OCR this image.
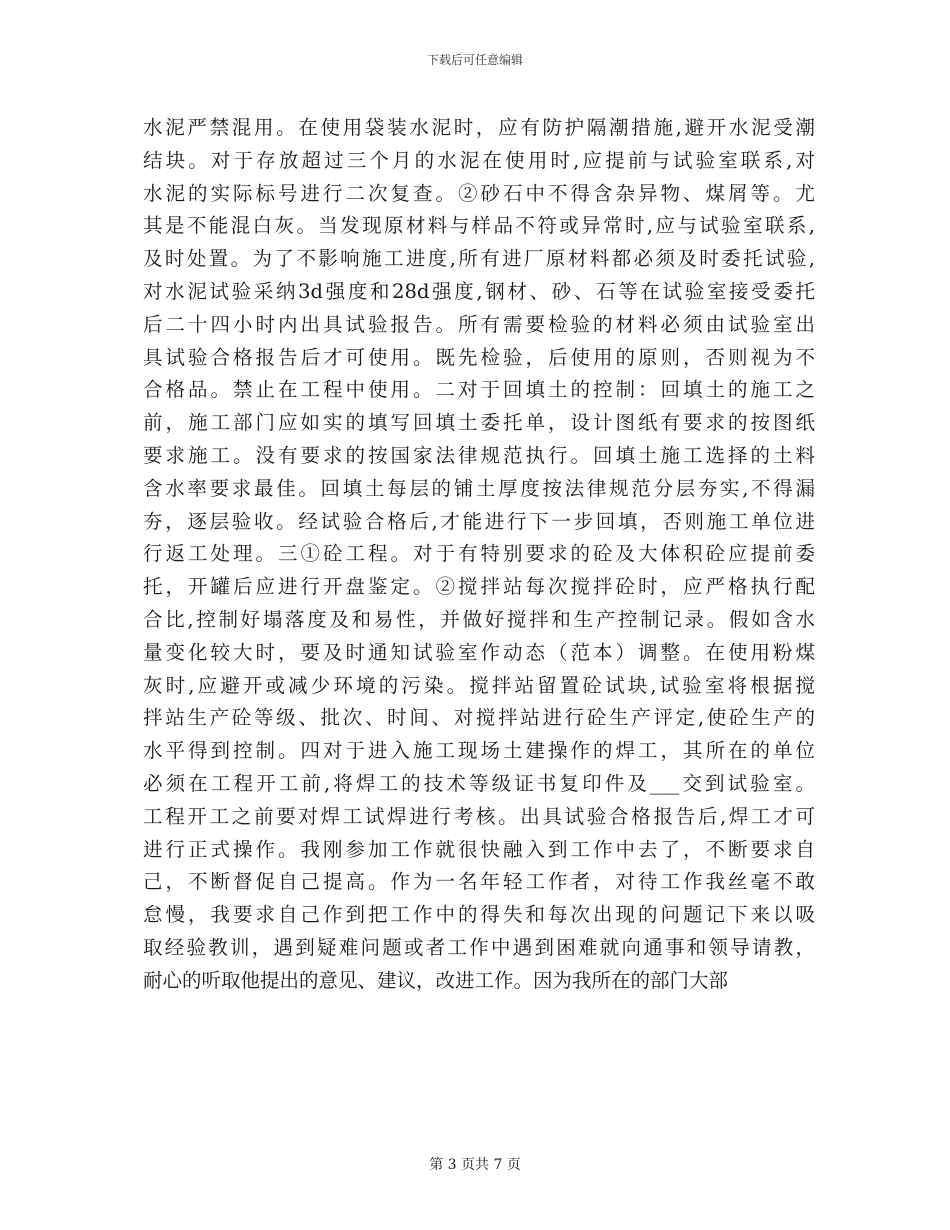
下载后可任意编辑
水泥严禁混用。在使用袋装水泥时，应有防护隔潮措施,避开水泥受潮
结块。对于存放超过三个月的水泥在使用时,应提前与试验室联系,对
水泥的实际标号进行二次复查。②砂石中不得含杂异物、煤屑等。尤
其是不能混白灰。当发现原材料与样品不符或异常时,应与试验室联系,
及时处置。为了不影响施工进度,所有进厂原材料都必须及时委托试验,
对水泥试验采纳3d强度和28d强度,钢材、砂、石等在试验室接受委托
后二十四小时内出具试验报告。所有需要检验的材料必须由试验室出
具试验合格报告后才可使用。既先检验，后使用的原则，否则视为不
合格品。禁止在工程中使用。二对于回填土的控制：回填土的施工之
前，施工部门应如实的填写回填土委托单，设计图纸有要求的按图纸
要求施工。没有要求的按国家法律规范执行。回填土施工选择的土料
含水率要求最佳。回填土每层的铺土厚度按法律规范分层夯实,不得漏
夯，逐层验收。经试验合格后,才能进行下一步回填，否则施工单位进
行返工处理。三①砼工程。对于有特别要求的砼及大体积砼应提前委
托，开罐后应进行开盘鉴定。②搅拌站每次搅拌砼时，应严格执行配
合比,控制好塌落度及和易性，并做好搅拌和生产控制记录。假如含水
量变化较大时，要及时通知试验室作动态（范本）调整。在使用粉煤
灰时,应避开或减少环境的污染。搅拌站留置砼试块,试验室将根据搅
拌站生产砼等级、批次、时间、对搅拌站进行砼生产评定,使砼生产的
水平得到控制。四对于进入施工现场土建操作的焊工，其所在的单位
必须在工程开工前,将焊工的技术等级证书复印件及___交到试验室。
工程开工之前要对焊工试焊进行考核。出具试验合格报告后,焊工才可
进行正式操作。我刚参加工作就很快融入到工作中去了，不断要求自
己，不断督促自己提高。作为一名年轻工作者，对待工作我丝毫不敢
怠慢，我要求自己作到把工作中的得失和每次出现的问题记下来以吸
取经验教训，遇到疑难问题或者工作中遇到困难就向通事和领导请教，
耐心的听取他提出的意见、建议，改进工作。因为我所在的部门大部
第 3 页共 7 页
